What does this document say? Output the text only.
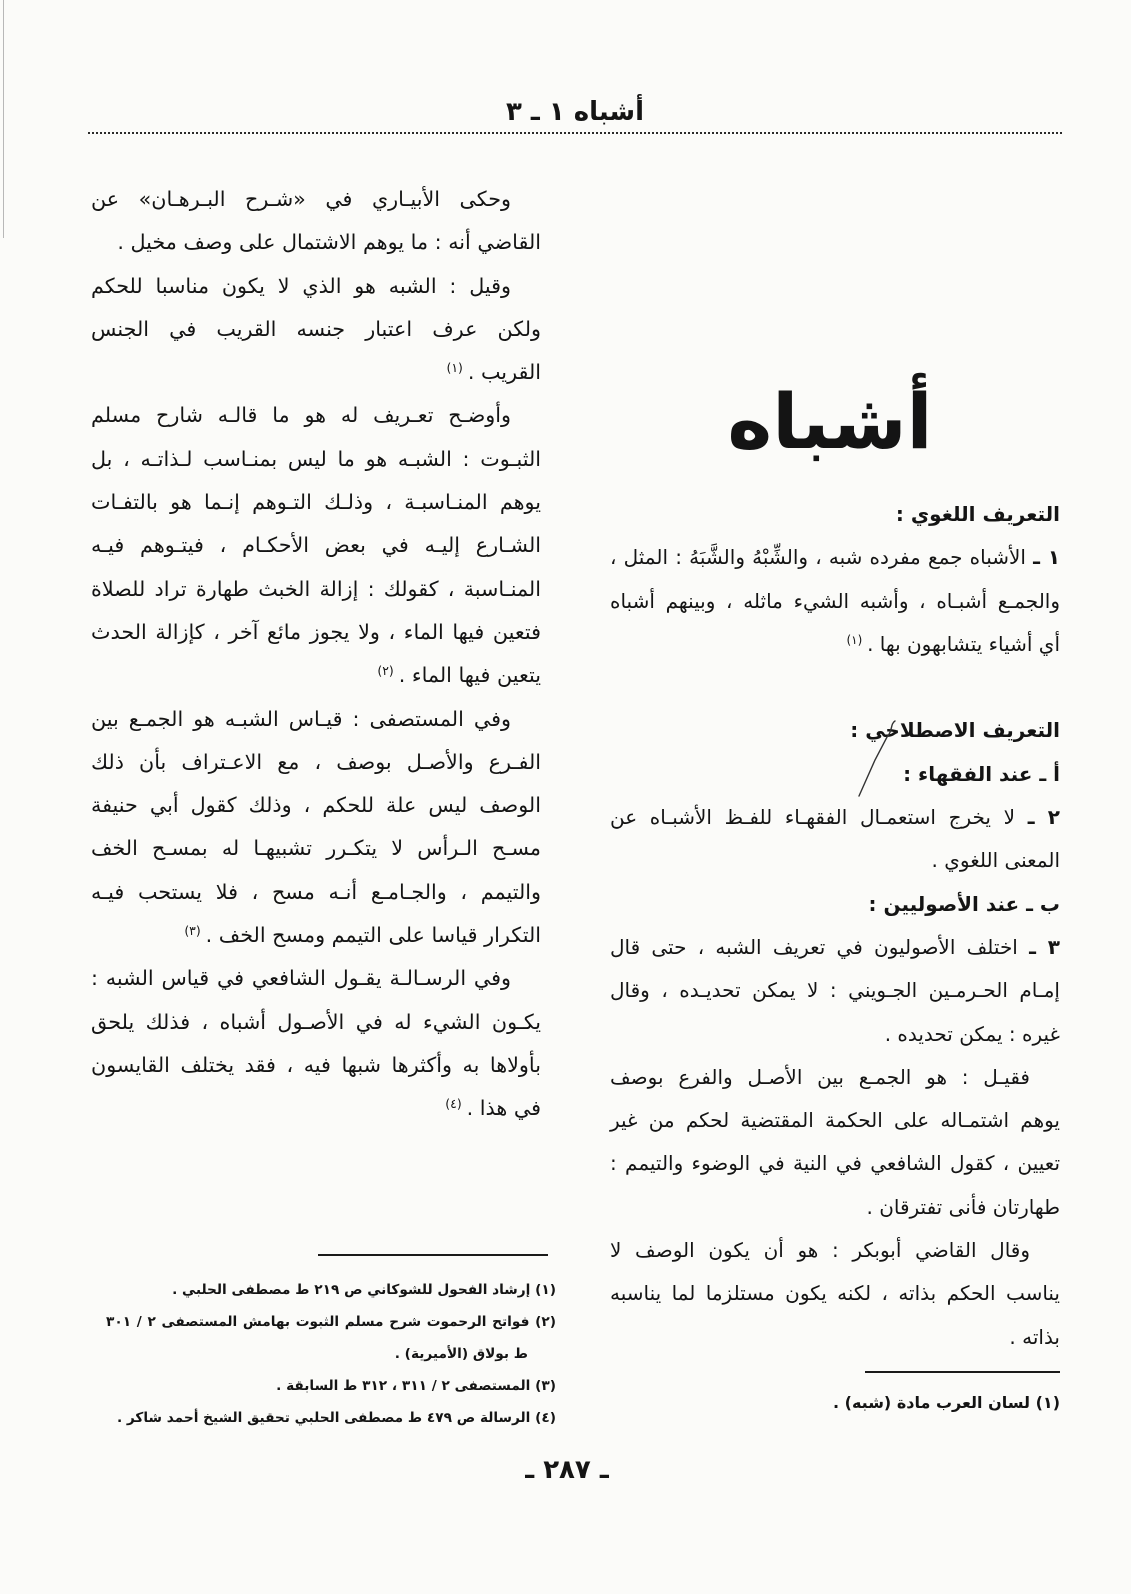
أشباه ١ ـ ٣
أشباه
التعريف اللغوي :
١ ـ الأشباه جمع مفرده شبه ، والشِّبْهُ والشَّبَهُ : المثل ،
والجمـع أشبـاه ، وأشبه الشيء ماثله ، وبينهم أشباه
أي أشياء يتشابهون بها .$^{(١)}$
التعريف الاصطلاحي :
أ ـ عند الفقهاء :
٢ ـ لا يخرج استعمـال الفقهـاء للفـظ الأشبـاه عن
المعنى اللغوي .
ب ـ عند الأصوليين :
٣ ـ اختلف الأصوليون في تعريف الشبه ، حتى قال
إمـام الحـرمـين الجـويني : لا يمكن تحديـده ، وقال
غيره : يمكن تحديده .
فقيـل : هو الجمـع بين الأصـل والفرع بوصف
يوهم اشتمـاله على الحكمة المقتضية لحكم من غير
تعيين ، كقول الشافعي في النية في الوضوء والتيمم :
طهارتان فأنى تفترقان .
وقال القاضي أبوبكر : هو أن يكون الوصف لا
يناسب الحكم بذاته ، لكنه يكون مستلزما لما يناسبه
بذاته .
وحكى الأبيـاري في «شـرح البـرهـان» عن
القاضي أنه : ما يوهم الاشتمال على وصف مخيل .
وقيل : الشبه هو الذي لا يكون مناسبا للحكم
ولكن عرف اعتبار جنسه القريب في الجنس
القريب .$^{(١)}$
وأوضـح تعـريف له هو ما قالـه شارح مسلم
الثبـوت : الشبـه هو ما ليس بمنـاسب لـذاتـه ، بل
يوهم المنـاسبـة ، وذلـك التـوهم إنـما هو بالتفـات
الشـارع إليـه في بعض الأحكـام ، فيتـوهم فيـه
المنـاسبة ، كقولك : إزالة الخبث طهارة تراد للصلاة
فتعين فيها الماء ، ولا يجوز مائع آخر ، كإزالة الحدث
يتعين فيها الماء .$^{(٢)}$
وفي المستصفى : قيـاس الشبـه هو الجمـع بين
الفـرع والأصـل بوصف ، مع الاعـتراف بأن ذلك
الوصف ليس علة للحكم ، وذلك كقول أبي حنيفة
مسـح الـرأس لا يتكـرر تشبيهـا له بمسـح الخف
والتيمم ، والجـامـع أنـه مسح ، فلا يستحب فيـه
التكرار قياسا على التيمم ومسح الخف .$^{(٣)}$
وفي الرسـالـة يقـول الشافعي في قياس الشبه :
يكـون الشيء له في الأصـول أشباه ، فذلك يلحق
بأولاها به وأكثرها شبها فيه ، فقد يختلف القايسون
في هذا .$^{(٤)}$
(١) إرشاد الفحول للشوكاني ص ٢١٩ ط مصطفى الحلبي .
(٢) فواتح الرحموت شرح مسلم الثبوت بهامش المستصفى ٢ / ٣٠١
ط بولاق (الأميرية) .
(٣) المستصفى ٢ / ٣١١ ، ٣١٢ ط السابقة .
(٤) الرسالة ص ٤٧٩ ط مصطفى الحلبي تحقيق الشيخ أحمد شاكر .
(١) لسان العرب مادة (شبه) .
ـ ٢٨٧ ـ
